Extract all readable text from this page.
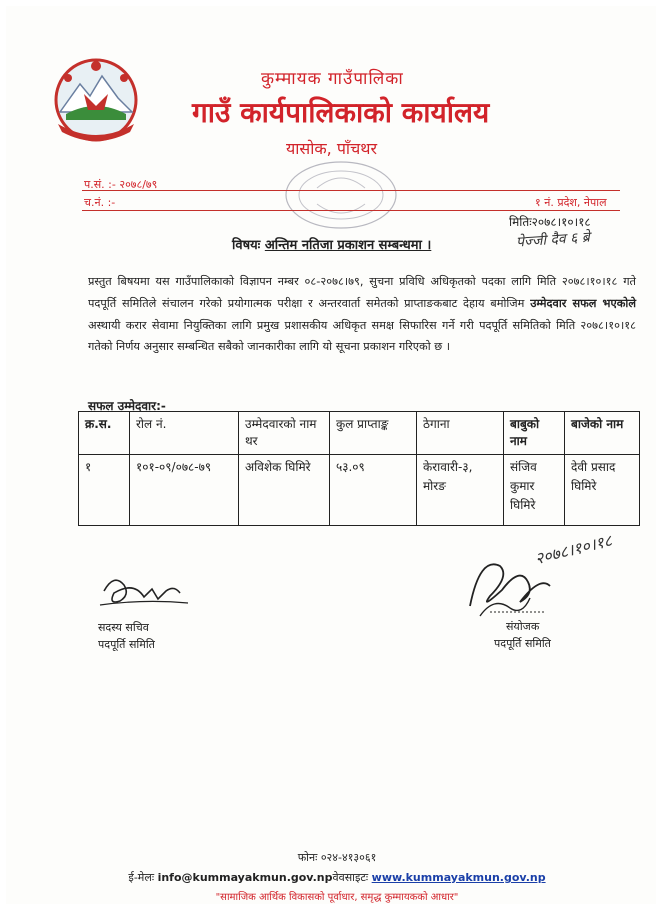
कुम्मायक गाउँपालिका
गाउँ कार्यपालिकाको कार्यालय
यासोक, पाँचथर
प.सं. :- २०७८/७९
च.नं. :-	१ नं. प्रदेश, नेपाल
मितिः२०७८।१०।१८
पेज्जी दैव ६ ब्रे
विषयः अन्तिम नतिजा प्रकाशन सम्बन्धमा ।
प्रस्तुत बिषयमा यस गाउँपालिकाको विज्ञापन नम्बर ०८-२०७८।७९, सुचना प्रविधि अधिकृतको पदका लागि मिति २०७८।१०।१८ गते पदपूर्ति समितिले संचालन गरेको प्रयोगात्मक परीक्षा र अन्तरवार्ता समेतको प्राप्ताङकबाट देहाय बमोजिम उम्मेदवार सफल भएकोले अस्थायी करार सेवामा नियुक्तिका लागि प्रमुख प्रशासकीय अधिकृत समक्ष सिफारिस गर्ने गरी पदपूर्ति समितिको मिति २०७८।१०।१८ गतेको निर्णय अनुसार सम्बन्धित सबैको जानकारीका लागि यो सूचना प्रकाशन गरिएको छ ।
सफल उम्मेदवार:-
क्र.स.	रोल नं.	उम्मेदवारको नाम थर	कुल प्राप्ताङ्क	ठेगाना	बाबुको नाम	बाजेको नाम
१	१०१-०९/०७८-७९	अविशेक घिमिरे	५३.०९	केरावारी-३, मोरङ	संजिव कुमार घिमिरे	देवी प्रसाद घिमिरे
सदस्य सचिव
पदपूर्ति समिति
२०७८।१०।१८
संयोजक
पदपूर्ति समिति
फोनः ०२४-४१३०६१
ई-मेलः info@kummayakmun.gov.npवेवसाइटः www.kummayakmun.gov.np
"सामाजिक आर्थिक विकासको पूर्वाधार, समृद्ध कुम्मायकको आधार"
